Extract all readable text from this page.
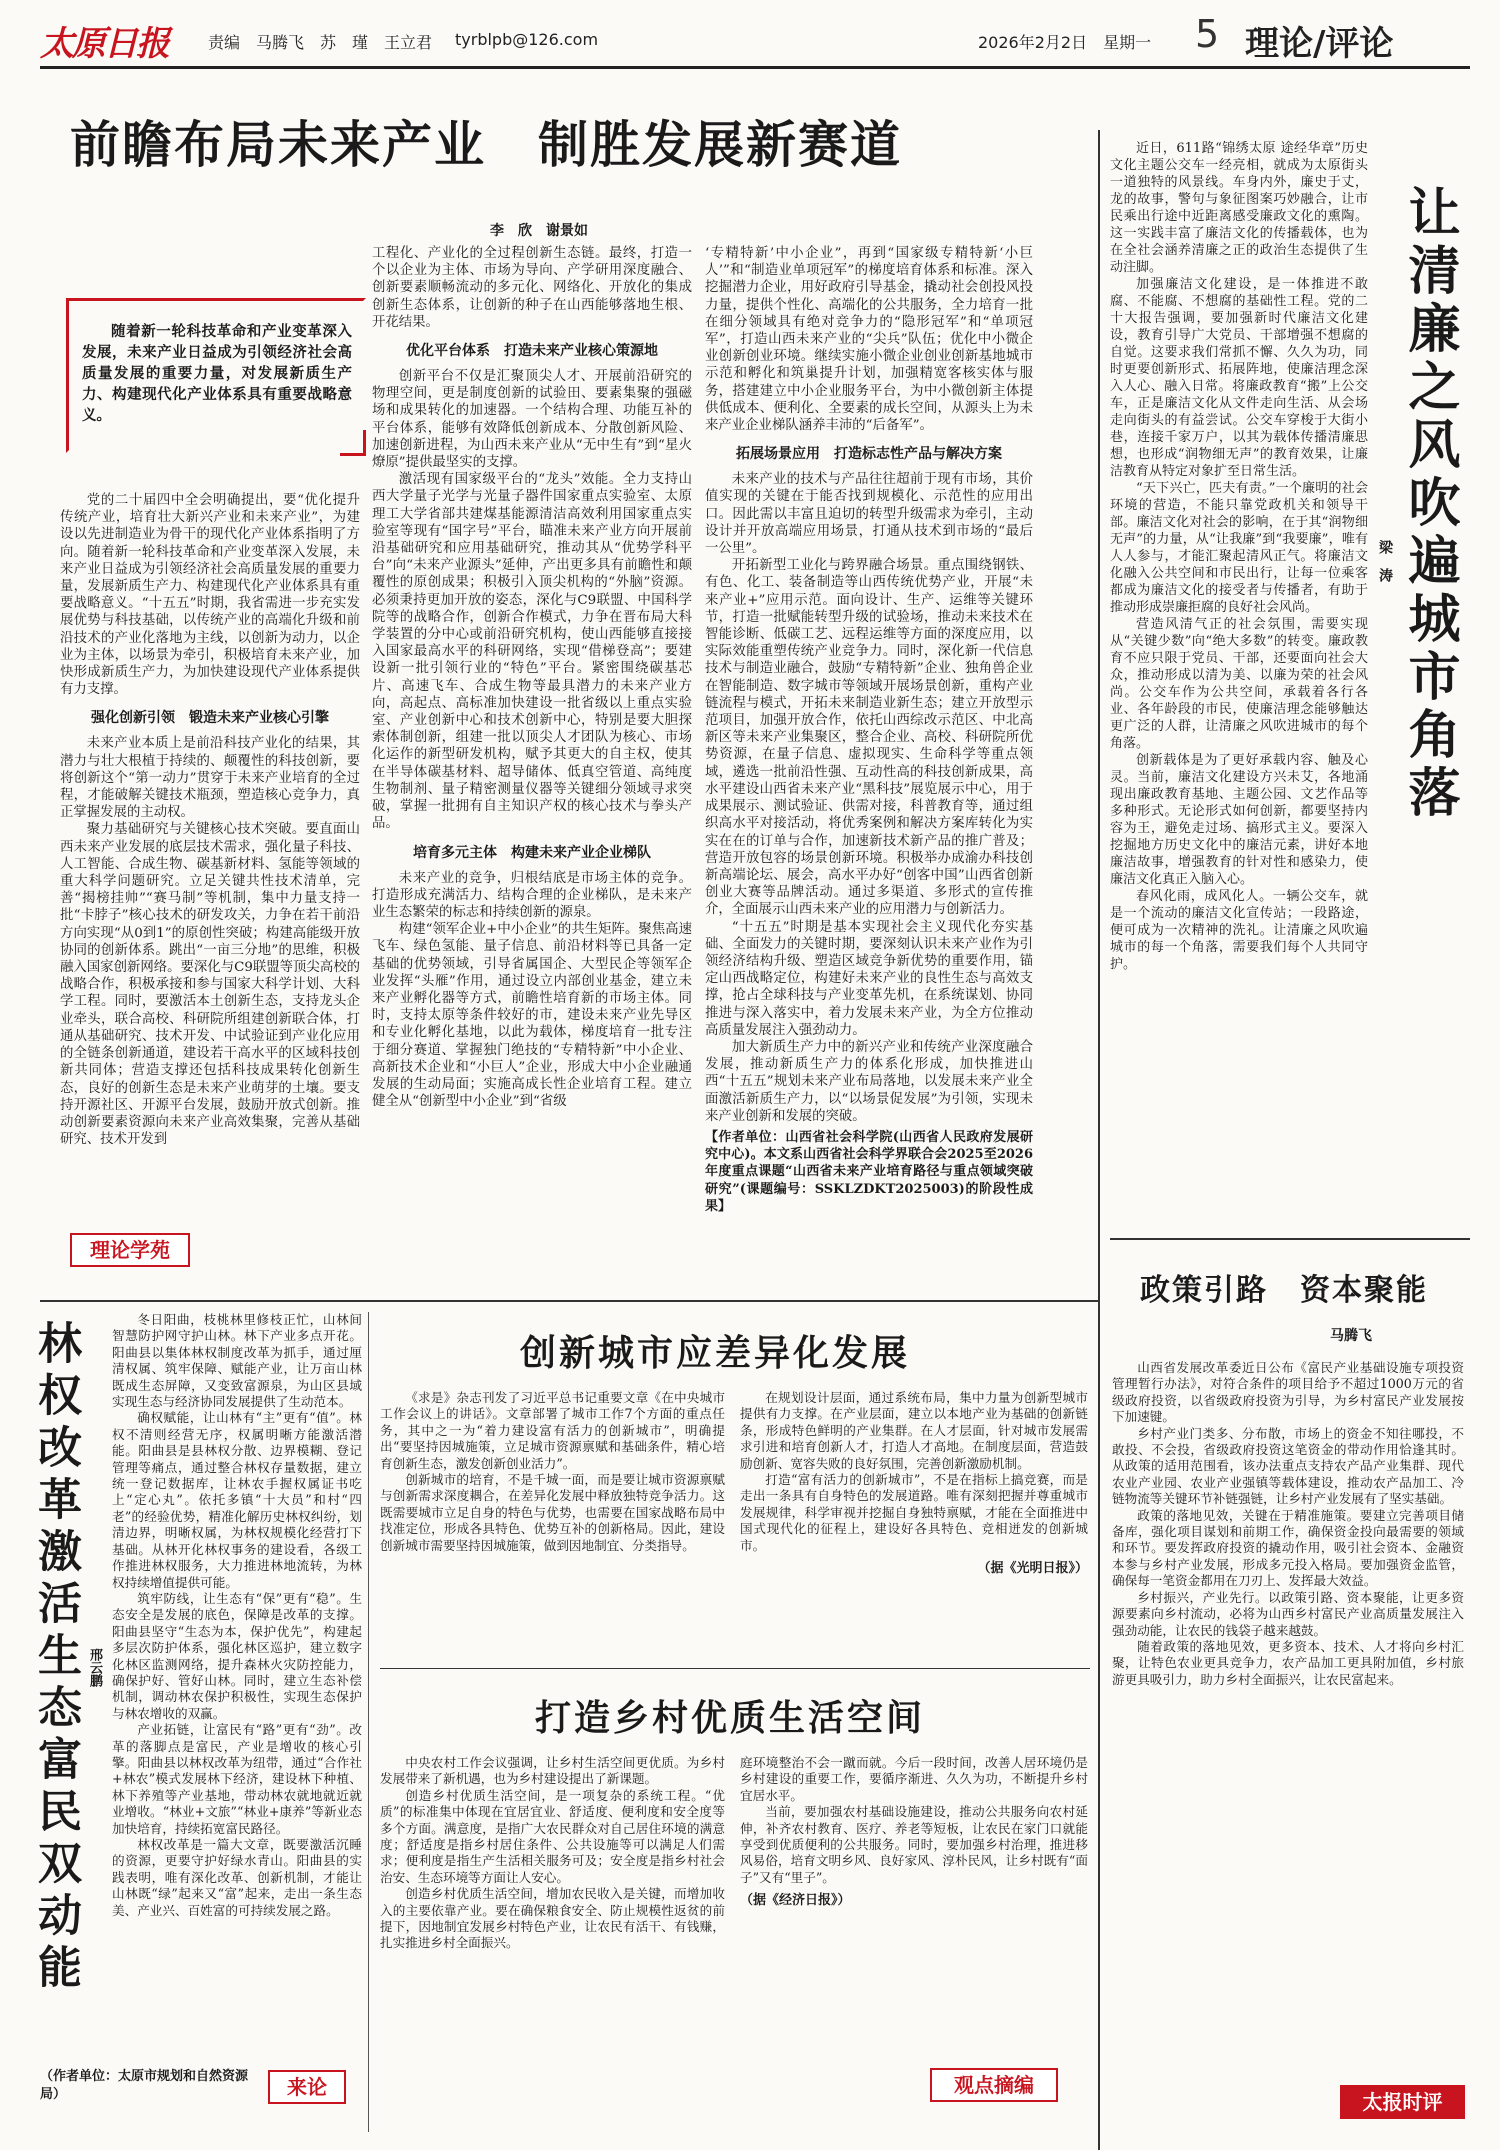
太原日报	责编　马腾飞　苏　瑾　王立君 tyrblpb@126.com	2026年2月2日　星期一 5 理论/评论
前瞻布局未来产业　制胜发展新赛道
李　欣　谢景如
随着新一轮科技革命和产业变革深入发展，未来产业日益成为引领经济社会高质量发展的重要力量，对发展新质生产力、构建现代化产业体系具有重要战略意义。

党的二十届四中全会明确提出，要“优化提升传统产业，培育壮大新兴产业和未来产业”，为建设以先进制造业为骨干的现代化产业体系指明了方向。随着新一轮科技革命和产业变革深入发展，未来产业日益成为引领经济社会高质量发展的重要力量，发展新质生产力、构建现代化产业体系具有重要战略意义。“十五五”时期，我省需进一步充实发展优势与科技基础，以传统产业的高端化升级和前沿技术的产业化落地为主线，以创新为动力，以企业为主体，以场景为牵引，积极培育未来产业，加快形成新质生产力，为加快建设现代产业体系提供有力支撑。

强化创新引领　锻造未来产业核心引擎

未来产业本质上是前沿科技产业化的结果，其潜力与壮大根植于持续的、颠覆性的科技创新，要将创新这个“第一动力”贯穿于未来产业培育的全过程，才能破解关键技术瓶颈，塑造核心竞争力，真正掌握发展的主动权。

聚力基础研究与关键核心技术突破。要直面山西未来产业发展的底层技术需求，强化量子科技、人工智能、合成生物、碳基新材料、氢能等领域的重大科学问题研究。立足关键共性技术清单，完善“揭榜挂帅”“赛马制”等机制，集中力量支持一批“卡脖子”核心技术的研发攻关，力争在若干前沿方向实现“从0到1”的原创性突破；构建高能级开放协同的创新体系。跳出“一亩三分地”的思维，积极融入国家创新网络。要深化与C9联盟等顶尖高校的战略合作，积极承接和参与国家大科学计划、大科学工程。同时，要激活本土创新生态，支持龙头企业牵头，联合高校、科研院所组建创新联合体，打通从基础研究、技术开发、中试验证到产业化应用的全链条创新通道，建设若干高水平的区域科技创新共同体；营造支撑还包括科技成果转化创新生态，良好的创新生态是未来产业萌芽的土壤。要支持开源社区、开源平台发展，鼓励开放式创新。推动创新要素资源向未来产业高效集聚，完善从基础研究、技术开发到

理论学苑

工程化、产业化的全过程创新生态链。最终，打造一个以企业为主体、市场为导向、产学研用深度融合、创新要素顺畅流动的多元化、网络化、开放化的集成创新生态体系，让创新的种子在山西能够落地生根、开花结果。

优化平台体系　打造未来产业核心策源地

创新平台不仅是汇聚顶尖人才、开展前沿研究的物理空间，更是制度创新的试验田、要素集聚的强磁场和成果转化的加速器。一个结构合理、功能互补的平台体系，能够有效降低创新成本、分散创新风险、加速创新进程，为山西未来产业从“无中生有”到“星火燎原”提供最坚实的支撑。

激活现有国家级平台的“龙头”效能。全力支持山西大学量子光学与光量子器件国家重点实验室、太原理工大学省部共建煤基能源清洁高效利用国家重点实验室等现有“国字号”平台，瞄准未来产业方向开展前沿基础研究和应用基础研究，推动其从“优势学科平台”向“未来产业源头”延伸，产出更多具有前瞻性和颠覆性的原创成果；积极引入顶尖机构的“外脑”资源。必须秉持更加开放的姿态，深化与C9联盟、中国科学院等的战略合作，创新合作模式，力争在晋布局大科学装置的分中心或前沿研究机构，使山西能够直接接入国家最高水平的科研网络，实现“借梯登高”；要建设新一批引领行业的“特色”平台。紧密围绕碳基芯片、高速飞车、合成生物等最具潜力的未来产业方向，高起点、高标准加快建设一批省级以上重点实验室、产业创新中心和技术创新中心，特别是要大胆探索体制创新，组建一批以顶尖人才团队为核心、市场化运作的新型研发机构，赋予其更大的自主权，使其在半导体碳基材料、超导储体、低真空管道、高纯度生物制剂、量子精密测量仪器等关键细分领域寻求突破，掌握一批拥有自主知识产权的核心技术与拳头产品。

培育多元主体　构建未来产业企业梯队

未来产业的竞争，归根结底是市场主体的竞争。打造形成充满活力、结构合理的企业梯队，是未来产业生态繁荣的标志和持续创新的源泉。

构建“领军企业+中小企业”的共生矩阵。聚焦高速飞车、绿色氢能、量子信息、前沿材料等已具备一定基础的优势领域，引导省属国企、大型民企等领军企业发挥“头雁”作用，通过设立内部创业基金，建立未来产业孵化器等方式，前瞻性培育新的市场主体。同时，支持太原等条件较好的市，建设未来产业先导区和专业化孵化基地，以此为载体，梯度培育一批专注于细分赛道、掌握独门绝技的“专精特新”中小企业、高新技术企业和“小巨人”企业，形成大中小企业融通发展的生动局面；实施高成长性企业培育工程。建立健全从“创新型中小企业”到“省级

‘专精特新’中小企业”，再到“国家级专精特新‘小巨人’”和“制造业单项冠军”的梯度培育体系和标准。深入挖掘潜力企业，用好政府引导基金，撬动社会创投风投力量，提供个性化、高端化的公共服务，全力培育一批在细分领域具有绝对竞争力的“隐形冠军”和“单项冠军”，打造山西未来产业的“尖兵”队伍；优化中小微企业创新创业环境。继续实施小微企业创业创新基地城市示范和孵化和筑巢提升计划，加强精宽客核实体与服务，搭建建立中小企业服务平台，为中小微创新主体提供低成本、便利化、全要素的成长空间，从源头上为未来产业企业梯队涵养丰沛的“后备军”。

拓展场景应用　打造标志性产品与解决方案

未来产业的技术与产品往往超前于现有市场，其价值实现的关键在于能否找到规模化、示范性的应用出口。因此需以丰富且迫切的转型升级需求为牵引，主动设计并开放高端应用场景，打通从技术到市场的“最后一公里”。

开拓新型工业化与跨界融合场景。重点围绕钢铁、有色、化工、装备制造等山西传统优势产业，开展“未来产业+”应用示范。面向设计、生产、运维等关键环节，打造一批赋能转型升级的试验场，推动未来技术在智能诊断、低碳工艺、远程运维等方面的深度应用，以实际效能重塑传统产业竞争力。同时，深化新一代信息技术与制造业融合，鼓励“专精特新”企业、独角兽企业在智能制造、数字城市等领域开展场景创新，重构产业链流程与模式，开拓未来制造业新生态；建立开放型示范项目，加强开放合作，依托山西综改示范区、中北高新区等未来产业集聚区，整合企业、高校、科研院所优势资源，在量子信息、虚拟现实、生命科学等重点领域，遴选一批前沿性强、互动性高的科技创新成果，高水平建设山西省未来产业“黑科技”展览展示中心，用于成果展示、测试验证、供需对接，科普教育等，通过组织高水平对接活动，将优秀案例和解决方案库转化为实实在在的订单与合作，加速新技术新产品的推广普及；营造开放包容的场景创新环境。积极举办成渝办科技创新高端论坛、展会，高水平办好“创客中国”山西省创新创业大赛等品牌活动。通过多渠道、多形式的宣传推介，全面展示山西未来产业的应用潜力与创新活力。

“十五五”时期是基本实现社会主义现代化夯实基础、全面发力的关键时期，要深刻认识未来产业作为引领经济结构升级、塑造区域竞争新优势的重要作用，锚定山西战略定位，构建好未来产业的良性生态与高效支撑，抢占全球科技与产业变革先机，在系统谋划、协同推进与深入落实中，着力发展未来产业，为全方位推动高质量发展注入强劲动力。

加大新质生产力中的新兴产业和传统产业深度融合发展，推动新质生产力的体系化形成，加快推进山西“十五五”规划未来产业布局落地，以发展未来产业全面激活新质生产力，以“以场景促发展”为引领，实现未来产业创新和发展的突破。

【作者单位：山西省社会科学院(山西省人民政府发展研究中心)。本文系山西省社会科学界联合会2025至2026年度重点课题“山西省未来产业培育路径与重点领域突破研究”(课题编号：SSKLZDKT2025003)的阶段性成果】

近日，611路“锦绣太原 途经华章”历史文化主题公交车一经亮相，就成为太原街头一道独特的风景线。车身内外，廉史于丈，龙的故事，警句与象征图案巧妙融合，让市民乘出行途中近距离感受廉政文化的熏陶。这一实践丰富了廉洁文化的传播载体，也为在全社会涵养清廉之正的政治生态提供了生动注脚。

加强廉洁文化建设，是一体推进不敢腐、不能腐、不想腐的基础性工程。党的二十大报告强调，要加强新时代廉洁文化建设，教育引导广大党员、干部增强不想腐的自觉。这要求我们常抓不懈、久久为功，同时更要创新形式、拓展阵地，使廉洁理念深入人心、融入日常。将廉政教育“搬”上公交车，正是廉洁文化从文件走向生活、从会场走向街头的有益尝试。公交车穿梭于大街小巷，连接千家万户，以其为载体传播清廉思想，也形成“润物细无声”的教育效果，让廉洁教育从特定对象扩至日常生活。

“天下兴亡，匹夫有责。”一个廉明的社会环境的营造，不能只靠党政机关和领导干部。廉洁文化对社会的影响，在于其“润物细无声”的力量，从“让我廉”到“我要廉”，唯有人人参与，才能汇聚起清风正气。将廉洁文化融入公共空间和市民出行，让每一位乘客都成为廉洁文化的接受者与传播者，有助于推动形成崇廉拒腐的良好社会风尚。

营造风清气正的社会氛围，需要实现从“关键少数”向“绝大多数”的转变。廉政教育不应只限于党员、干部，还要面向社会大众，推动形成以清为美、以廉为荣的社会风尚。公交车作为公共空间，承载着各行各业、各年龄段的市民，使廉洁理念能够触达更广泛的人群，让清廉之风吹进城市的每个角落。

创新载体是为了更好承载内容、触及心灵。当前，廉洁文化建设方兴未艾，各地涌现出廉政教育基地、主题公园、文艺作品等多种形式。无论形式如何创新，都要坚持内容为王，避免走过场、搞形式主义。要深入挖掘地方历史文化中的廉洁元素，讲好本地廉洁故事，增强教育的针对性和感染力，使廉洁文化真正入脑入心。

春风化雨，成风化人。一辆公交车，就是一个流动的廉洁文化宣传站；一段路途，便可成为一次精神的洗礼。让清廉之风吹遍城市的每一个角落，需要我们每个人共同守护。

让清廉之风吹遍城市角落
梁　涛
林权改革激活生态富民双动能 邢云鹏

冬日阳曲，枝桃林里修枝正忙，山林间智慧防护网守护山林。林下产业多点开花。阳曲县以集体林权制度改革为抓手，通过厘清权属、筑牢保障、赋能产业，让万亩山林既成生态屏障，又变致富源泉，为山区县域实现生态与经济协同发展提供了生动范本。

确权赋能，让山林有“主”更有“值”。林权不清则经营无序，权属明晰方能激活潜能。阳曲县是县林权分散、边界模糊、登记管理等痛点，通过整合林权存量数据，建立统一登记数据库，让林农手握权属证书吃上“定心丸”。依托多镇“十大员”和村“四老”的经验优势，精准化解历史林权纠纷，划清边界，明晰权属，为林权规模化经营打下基础。从林开化林权事务的建设看，各级工作推进林权服务，大力推进林地流转，为林权持续增值提供可能。

筑牢防线，让生态有“保”更有“稳”。生态安全是发展的底色，保障是改革的支撑。阳曲县坚守“生态为本，保护优先”，构建起多层次防护体系，强化林区巡护，建立数字化林区监测网络，提升森林火灾防控能力，确保护好、管好山林。同时，建立生态补偿机制，调动林农保护积极性，实现生态保护与林农增收的双赢。

产业拓链，让富民有“路”更有“劲”。改革的落脚点是富民，产业是增收的核心引擎。阳曲县以林权改革为纽带，通过“合作社+林农”模式发展林下经济，建设林下种植、林下养殖等产业基地，带动林农就地就近就业增收。“林业+文旅”“林业+康养”等新业态加快培育，持续拓宽富民路径。

林权改革是一篇大文章，既要激活沉睡的资源，更要守护好绿水青山。阳曲县的实践表明，唯有深化改革、创新机制，才能让山林既“绿”起来又“富”起来，走出一条生态美、产业兴、百姓富的可持续发展之路。

（作者单位：太原市规划和自然资源局）	来论
创新城市应差异化发展

《求是》杂志刊发了习近平总书记重要文章《在中央城市工作会议上的讲话》。文章部署了城市工作7个方面的重点任务，其中之一为“着力建设富有活力的创新城市”，明确提出“要坚持因城施策，立足城市资源禀赋和基础条件，精心培育创新生态，激发创新创业活力”。

创新城市的培育，不是千城一面，而是要让城市资源禀赋与创新需求深度耦合，在差异化发展中释放独特竞争活力。这既需要城市立足自身的特色与优势，也需要在国家战略布局中找准定位，形成各具特色、优势互补的创新格局。因此，建设创新城市需要坚持因城施策，做到因地制宜、分类指导。

在规划设计层面，通过系统布局，集中力量为创新型城市提供有力支撑。在产业层面，建立以本地产业为基础的创新链条，形成特色鲜明的产业集群。在人才层面，针对城市发展需求引进和培育创新人才，打造人才高地。在制度层面，营造鼓励创新、宽容失败的良好氛围，完善创新激励机制。

打造“富有活力的创新城市”，不是在指标上搞竞赛，而是走出一条具有自身特色的发展道路。唯有深刻把握并尊重城市发展规律，科学审视并挖掘自身独特禀赋，才能在全面推进中国式现代化的征程上，建设好各具特色、竞相迸发的创新城市。

（据《光明日报》）

打造乡村优质生活空间

中央农村工作会议强调，让乡村生活空间更优质。为乡村发展带来了新机遇，也为乡村建设提出了新课题。

创造乡村优质生活空间，是一项复杂的系统工程。“优质”的标准集中体现在宜居宜业、舒适度、便利度和安全度等多个方面。满意度，是指广大农民群众对自己居住环境的满意度；舒适度是指乡村居住条件、公共设施等可以满足人们需求；便利度是指生产生活相关服务可及；安全度是指乡村社会治安、生态环境等方面让人安心。

创造乡村优质生活空间，增加农民收入是关键，而增加收入的主要依靠产业。要在确保粮食安全、防止规模性返贫的前提下，因地制宜发展乡村特色产业，让农民有活干、有钱赚，扎实推进乡村全面振兴。

庭环境整治不会一蹴而就。今后一段时间，改善人居环境仍是乡村建设的重要工作，要循序渐进、久久为功，不断提升乡村宜居水平。

当前，要加强农村基础设施建设，推动公共服务向农村延伸，补齐农村教育、医疗、养老等短板，让农民在家门口就能享受到优质便利的公共服务。同时，要加强乡村治理，推进移风易俗，培育文明乡风、良好家风、淳朴民风，让乡村既有“面子”又有“里子”。

（据《经济日报》）

观点摘编
政策引路　资本聚能
马腾飞

山西省发展改革委近日公布《富民产业基础设施专项投资管理暂行办法》，对符合条件的项目给予不超过1000万元的省级政府投资，以省级政府投资为引导，为乡村富民产业发展按下加速键。

乡村产业门类多、分布散，市场上的资金不知往哪投，不敢投、不会投，省级政府投资这笔资金的带动作用恰逢其时。从政策的适用范围看，该办法重点支持农产品产业集群、现代农业产业园、农业产业强镇等载体建设，推动农产品加工、冷链物流等关键环节补链强链，让乡村产业发展有了坚实基础。

政策的落地见效，关键在于精准施策。要建立完善项目储备库，强化项目谋划和前期工作，确保资金投向最需要的领域和环节。要发挥政府投资的撬动作用，吸引社会资本、金融资本参与乡村产业发展，形成多元投入格局。要加强资金监管，确保每一笔资金都用在刀刃上、发挥最大效益。

乡村振兴，产业先行。以政策引路、资本聚能，让更多资源要素向乡村流动，必将为山西乡村富民产业高质量发展注入强劲动能，让农民的钱袋子越来越鼓。

随着政策的落地见效，更多资本、技术、人才将向乡村汇聚，让特色农业更具竞争力，农产品加工更具附加值，乡村旅游更具吸引力，助力乡村全面振兴，让农民富起来。

太报时评
